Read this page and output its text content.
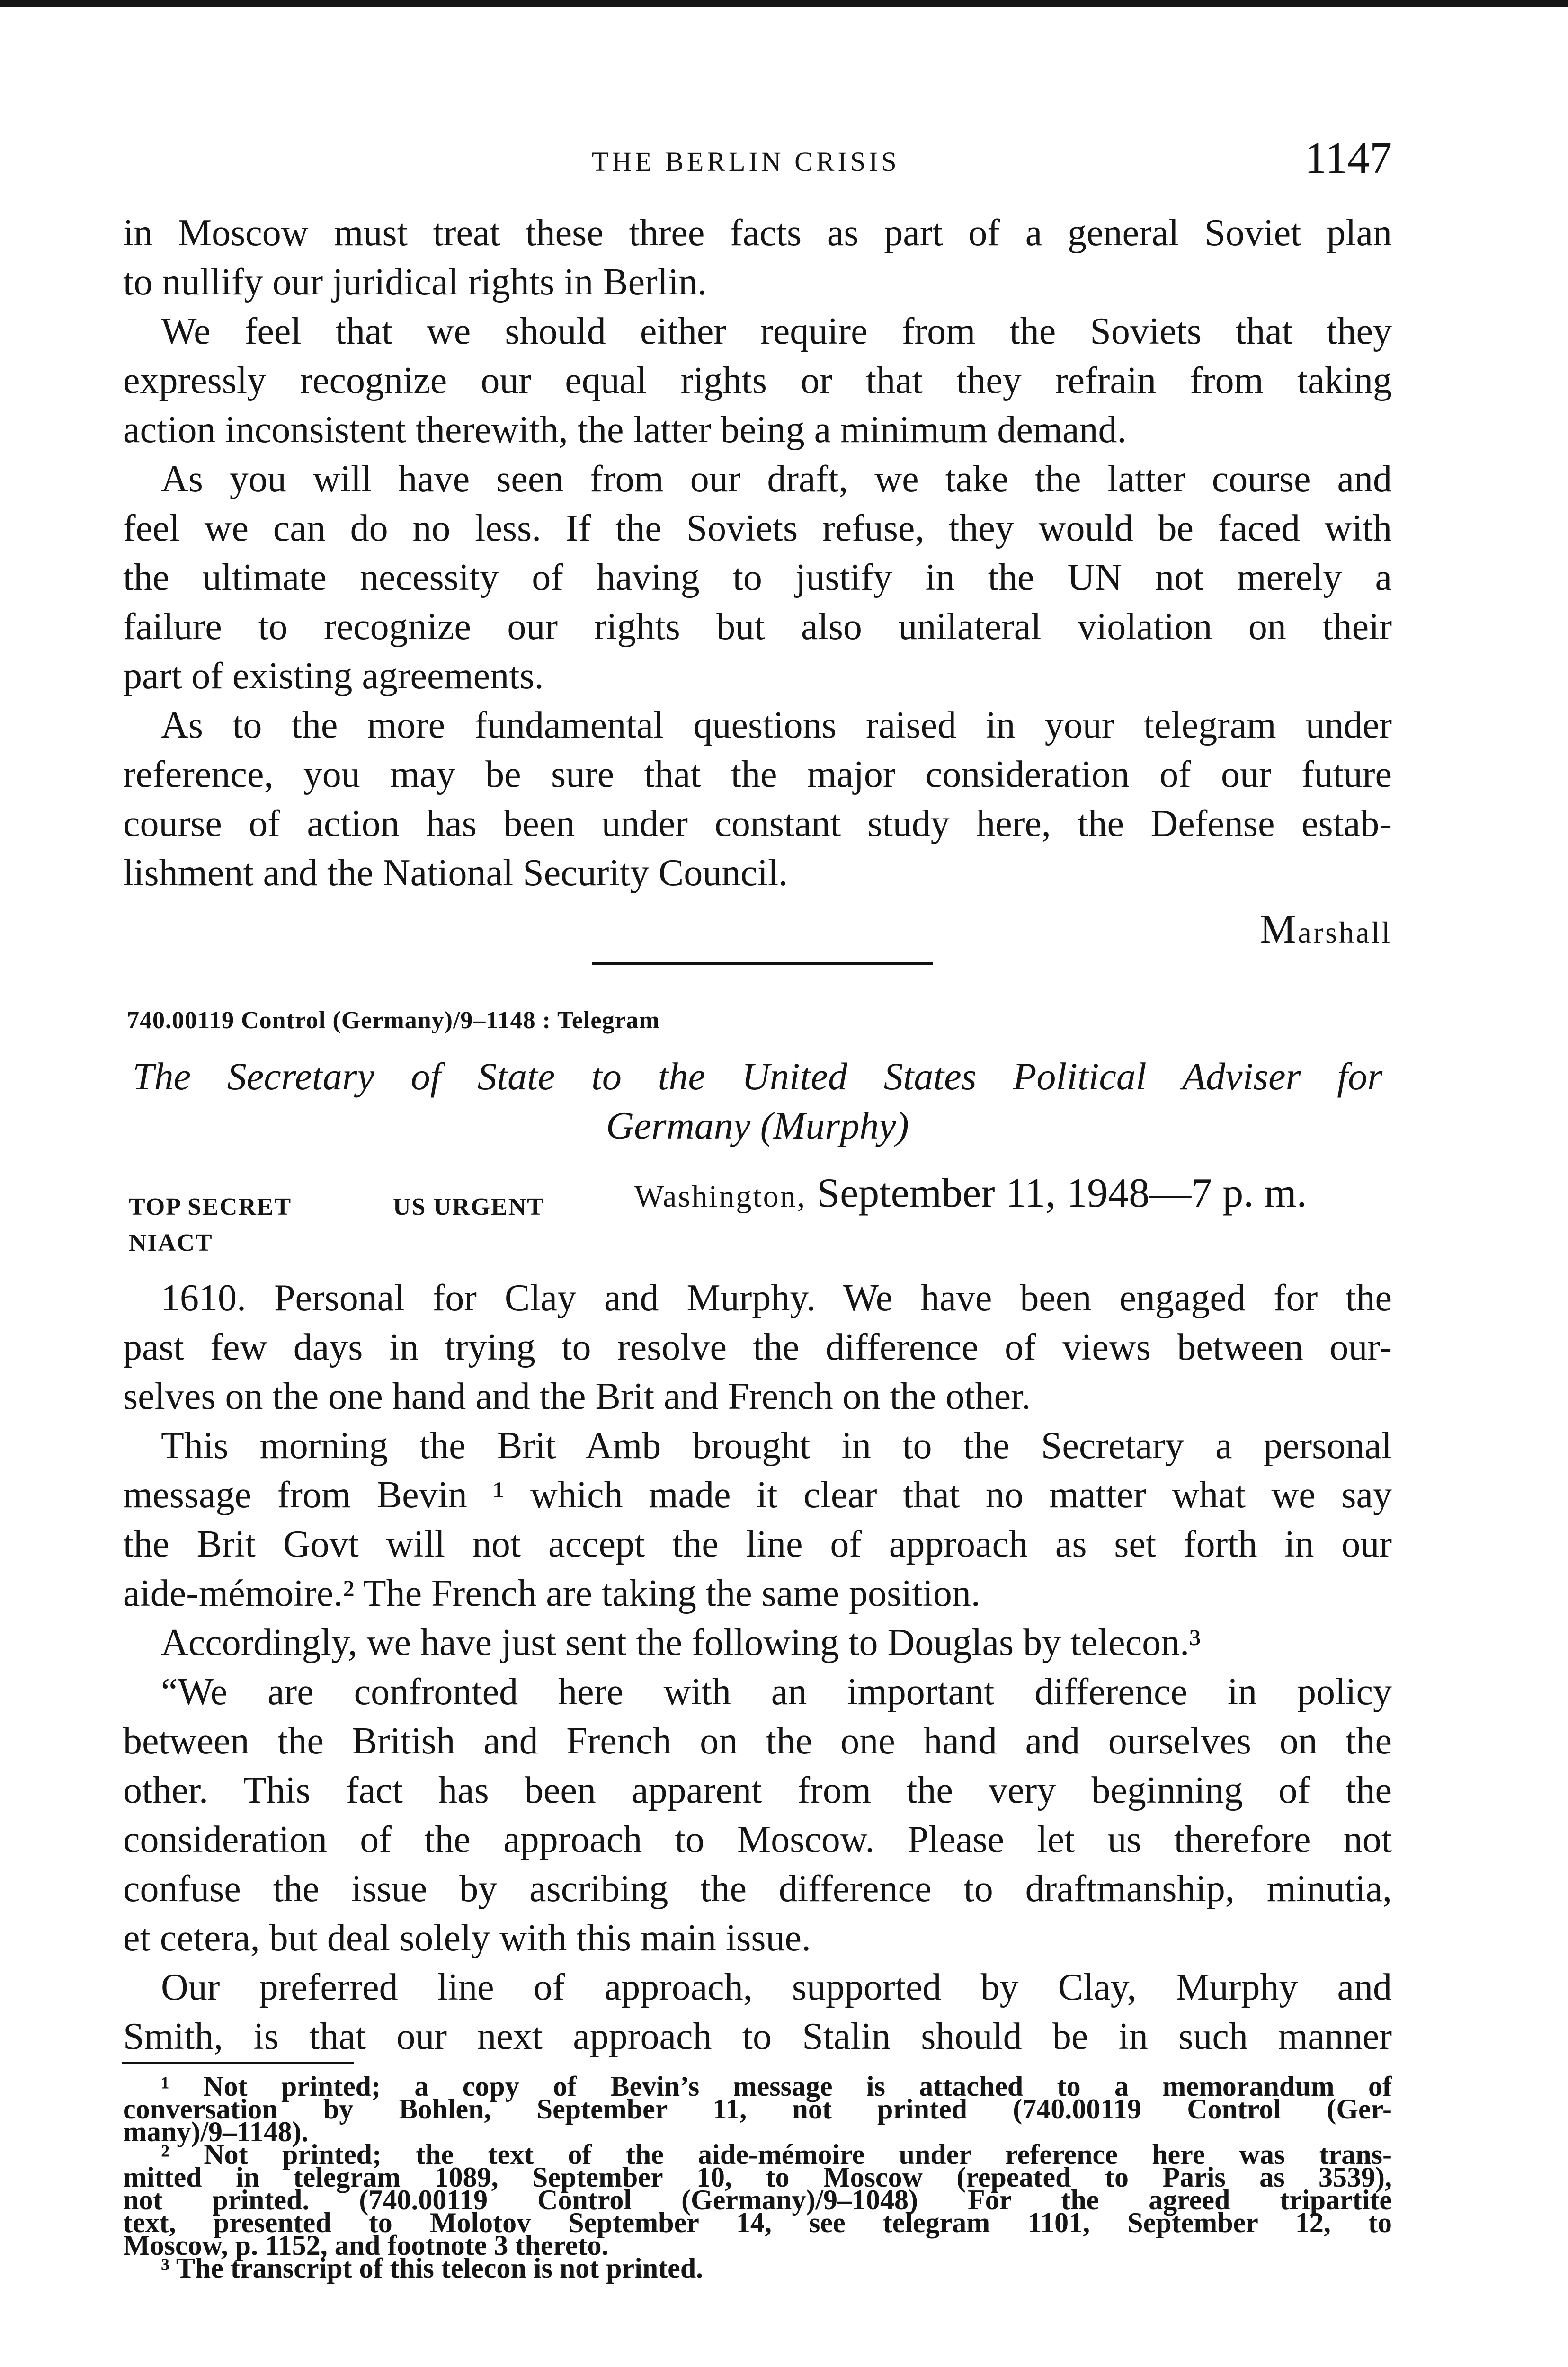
THE BERLIN CRISIS	1147
in Moscow must treat these three facts as part of a general Soviet plan
to nullify our juridical rights in Berlin.
We feel that we should either require from the Soviets that they
expressly recognize our equal rights or that they refrain from taking
action inconsistent therewith, the latter being a minimum demand.
As you will have seen from our draft, we take the latter course and
feel we can do no less. If the Soviets refuse, they would be faced with
the ultimate necessity of having to justify in the UN not merely a
failure to recognize our rights but also unilateral violation on their
part of existing agreements.
As to the more fundamental questions raised in your telegram under
reference, you may be sure that the major consideration of our future
course of action has been under constant study here, the Defense estab-
lishment and the National Security Council.
Marshall
740.00119 Control (Germany)/9–1148 : Telegram
The Secretary of State to the United States Political Adviser for
Germany (Murphy)
TOP SECRET
NIACT
US URGENT	Washington, September 11, 1948—7 p. m.
1610. Personal for Clay and Murphy. We have been engaged for the
past few days in trying to resolve the difference of views between our-
selves on the one hand and the Brit and French on the other.
This morning the Brit Amb brought in to the Secretary a personal
message from Bevin ¹ which made it clear that no matter what we say
the Brit Govt will not accept the line of approach as set forth in our
aide-mémoire.² The French are taking the same position.
Accordingly, we have just sent the following to Douglas by telecon.³
“We are confronted here with an important difference in policy
between the British and French on the one hand and ourselves on the
other. This fact has been apparent from the very beginning of the
consideration of the approach to Moscow. Please let us therefore not
confuse the issue by ascribing the difference to draftmanship, minutia,
et cetera, but deal solely with this main issue.
Our preferred line of approach, supported by Clay, Murphy and
Smith, is that our next approach to Stalin should be in such manner
¹ Not printed; a copy of Bevin’s message is attached to a memorandum of
conversation by Bohlen, September 11, not printed (740.00119 Control (Ger-
many)/9–1148).
² Not printed; the text of the aide-mémoire under reference here was trans-
mitted in telegram 1089, September 10, to Moscow (repeated to Paris as 3539),
not printed. (740.00119 Control (Germany)/9–1048) For the agreed tripartite
text, presented to Molotov September 14, see telegram 1101, September 12, to
Moscow, p. 1152, and footnote 3 thereto.
³ The transcript of this telecon is not printed.
